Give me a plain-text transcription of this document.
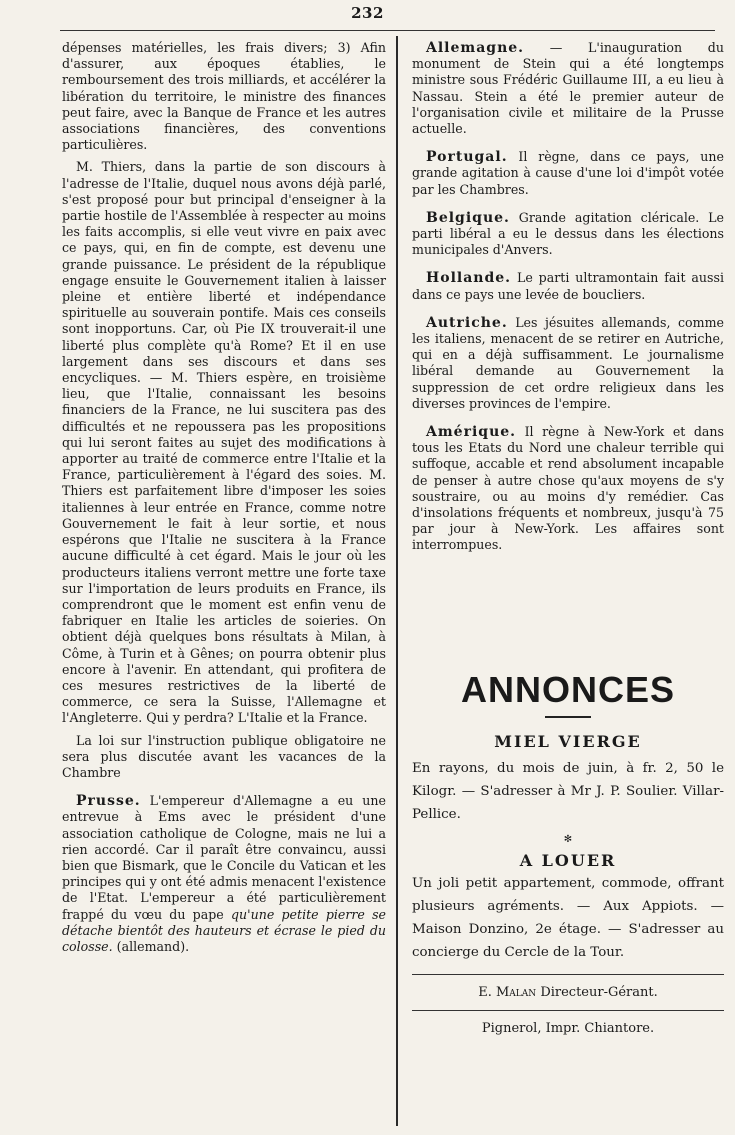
232

dépenses matérielles, les frais divers; 3) Afin d'assurer, aux époques établies, le remboursement des trois milliards, et accélérer la libération du territoire, le ministre des finances peut faire, avec la Banque de France et les autres associations financières, des conventions particulières.

M. Thiers, dans la partie de son discours à l'adresse de l'Italie, duquel nous avons déjà parlé, s'est proposé pour but principal d'enseigner à la partie hostile de l'Assemblée à respecter au moins les faits accomplis, si elle veut vivre en paix avec ce pays, qui, en fin de compte, est devenu une grande puissance. Le président de la république engage ensuite le Gouvernement italien à laisser pleine et entière liberté et indépendance spirituelle au souverain pontife. Mais ces conseils sont inopportuns. Car, où Pie IX trouverait-il une liberté plus complète qu'à Rome? Et il en use largement dans ses discours et dans ses encycliques. — M. Thiers espère, en troisième lieu, que l'Italie, connaissant les besoins financiers de la France, ne lui suscitera pas des difficultés et ne repoussera pas les propositions qui lui seront faites au sujet des modifications à apporter au traité de commerce entre l'Italie et la France, particulièrement à l'égard des soies. M. Thiers est parfaitement libre d'imposer les soies italiennes à leur entrée en France, comme notre Gouvernement le fait à leur sortie, et nous espérons que l'Italie ne suscitera à la France aucune difficulté à cet égard. Mais le jour où les producteurs italiens verront mettre une forte taxe sur l'importation de leurs produits en France, ils comprendront que le moment est enfin venu de fabriquer en Italie les articles de soieries. On obtient déjà quelques bons résultats à Milan, à Côme, à Turin et à Gênes; on pourra obtenir plus encore à l'avenir. En attendant, qui profitera de ces mesures restrictives de la liberté de commerce, ce sera la Suisse, l'Allemagne et l'Angleterre. Qui y perdra? L'Italie et la France.

La loi sur l'instruction publique obligatoire ne sera plus discutée avant les vacances de la Chambre

Prusse. L'empereur d'Allemagne a eu une entrevue à Ems avec le président d'une association catholique de Cologne, mais ne lui a rien accordé. Car il paraît être convaincu, aussi bien que Bismark, que le Concile du Vatican et les principes qui y ont été admis menacent l'existence de l'Etat. L'empereur a été particulièrement frappé du vœu du pape qu'une petite pierre se détache bientôt des hauteurs et écrase le pied du colosse. (allemand).

Allemagne. — L'inauguration du monument de Stein qui a été longtemps ministre sous Frédéric Guillaume III, a eu lieu à Nassau. Stein a été le premier auteur de l'organisation civile et militaire de la Prusse actuelle.

Portugal. Il règne, dans ce pays, une grande agitation à cause d'une loi d'impôt votée par les Chambres.

Belgique. Grande agitation cléricale. Le parti libéral a eu le dessus dans les élections municipales d'Anvers.

Hollande. Le parti ultramontain fait aussi dans ce pays une levée de boucliers.

Autriche. Les jésuites allemands, comme les italiens, menacent de se retirer en Autriche, qui en a déjà suffisamment. Le journalisme libéral demande au Gouvernement la suppression de cet ordre religieux dans les diverses provinces de l'empire.

Amérique. Il règne à New-York et dans tous les Etats du Nord une chaleur terrible qui suffoque, accable et rend absolument incapable de penser à autre chose qu'aux moyens de s'y soustraire, ou au moins d'y remédier. Cas d'insolations fréquents et nombreux, jusqu'à 75 par jour à New-York. Les affaires sont interrompues.

ANNONCES
MIEL VIERGE

En rayons, du mois de juin, à fr. 2, 50 le Kilogr. — S'adresser à Mr J. P. Soulier. Villar-Pellice.

✻
A LOUER

Un joli petit appartement, commode, offrant plusieurs agréments. — Aux Appiots. — Maison Donzino, 2e étage. — S'adresser au concierge du Cercle de la Tour.

E. Malan Directeur-Gérant.
Pignerol, Impr. Chiantore.
